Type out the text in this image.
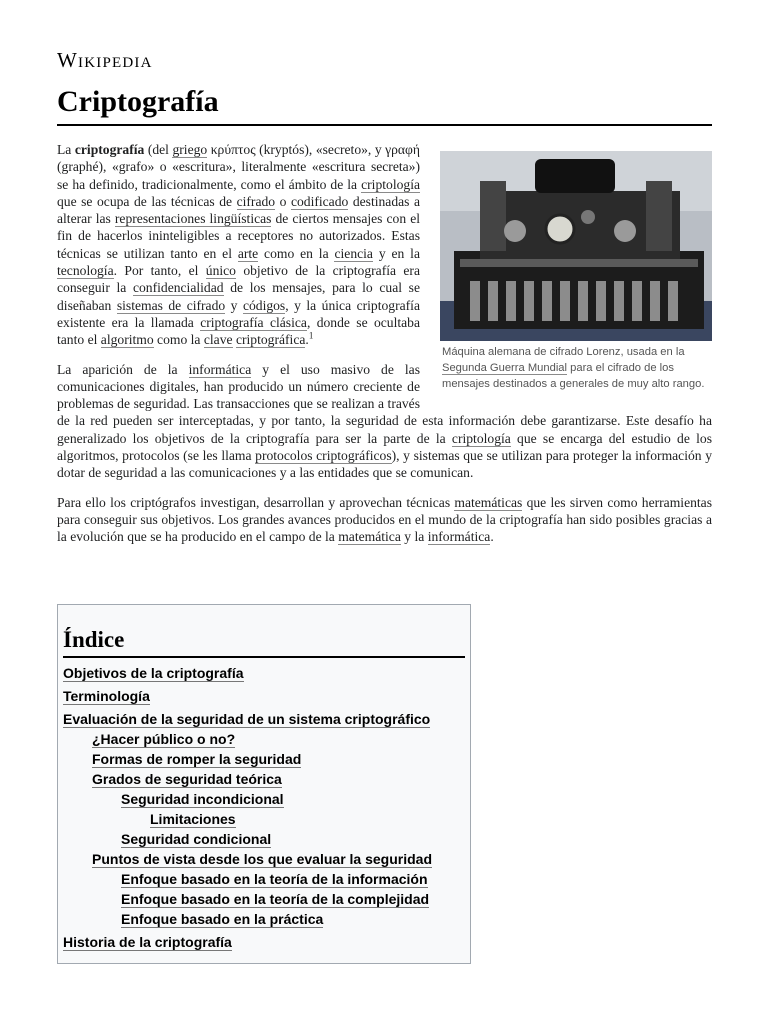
Wikipedia
Criptografía
Máquina alemana de cifrado Lorenz, usada en la Segunda Guerra Mundial para el cifrado de los mensajes destinados a generales de muy alto rango.

La criptografía (del griego κρύπτος (kryptós), «secreto», y γραφή (graphé), «grafo» o «escritura», literalmente «escritura secreta») se ha definido, tradicionalmente, como el ámbito de la criptología que se ocupa de las técnicas de cifrado o codificado destinadas a alterar las representaciones lingüísticas de ciertos mensajes con el fin de hacerlos ininteligibles a receptores no autorizados. Estas técnicas se utilizan tanto en el arte como en la ciencia y en la tecnología. Por tanto, el único objetivo de la criptografía era conseguir la confidencialidad de los mensajes, para lo cual se diseñaban sistemas de cifrado y códigos, y la única criptografía existente era la llamada criptografía clásica, donde se ocultaba tanto el algoritmo como la clave criptográfica.$^1$

La aparición de la informática y el uso masivo de las comunicaciones digitales, han producido un número creciente de problemas de seguridad. Las transacciones que se realizan a través de la red pueden ser interceptadas, y por tanto, la seguridad de esta información debe garantizarse. Este desafío ha generalizado los objetivos de la criptografía para ser la parte de la criptología que se encarga del estudio de los algoritmos, protocolos (se les llama protocolos criptográficos), y sistemas que se utilizan para proteger la información y dotar de seguridad a las comunicaciones y a las entidades que se comunican.

Para ello los criptógrafos investigan, desarrollan y aprovechan técnicas matemáticas que les sirven como herramientas para conseguir sus objetivos. Los grandes avances producidos en el mundo de la criptografía han sido posibles gracias a la evolución que se ha producido en el campo de la matemática y la informática.

Índice
Objetivos de la criptografía
Terminología
Evaluación de la seguridad de un sistema criptográfico
¿Hacer público o no?
Formas de romper la seguridad
Grados de seguridad teórica
Seguridad incondicional
Limitaciones
Seguridad condicional
Puntos de vista desde los que evaluar la seguridad
Enfoque basado en la teoría de la información
Enfoque basado en la teoría de la complejidad
Enfoque basado en la práctica
Historia de la criptografía
